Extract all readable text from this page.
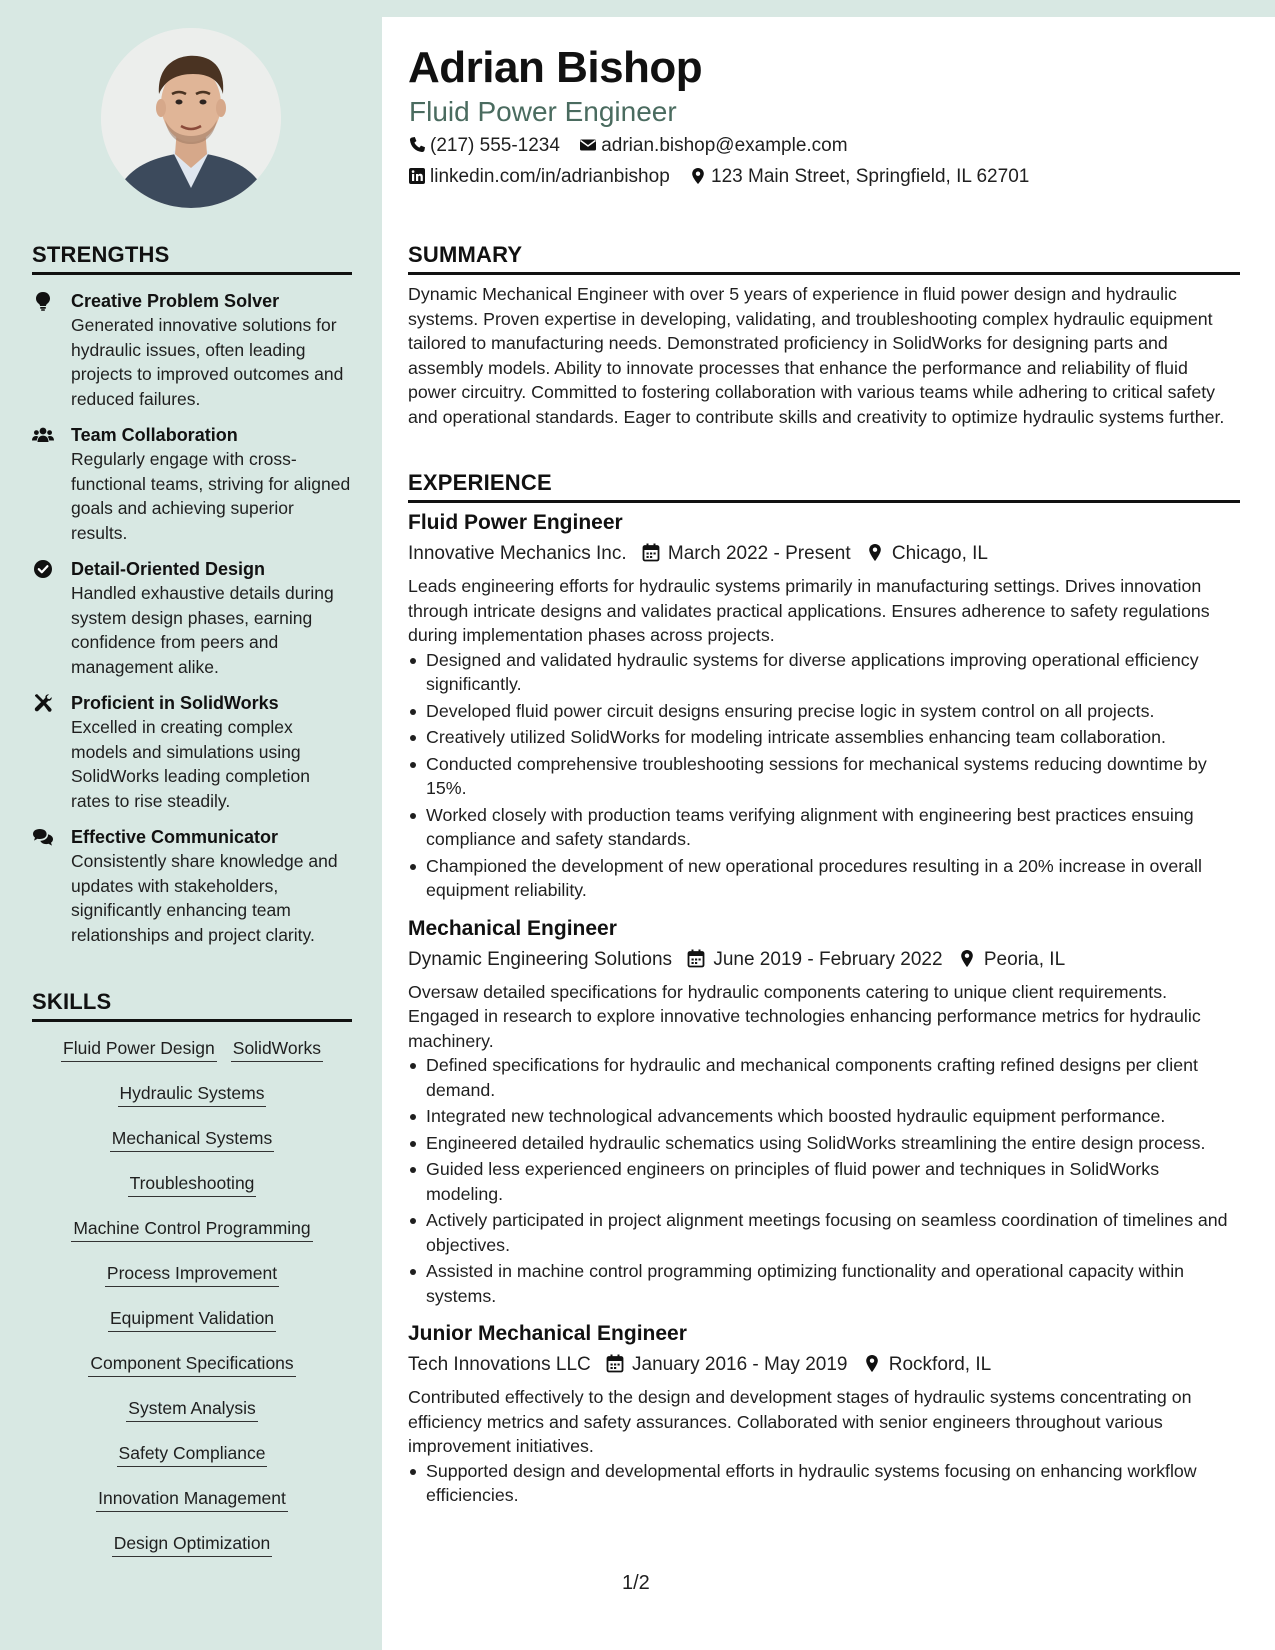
STRENGTHS
Creative Problem Solver
Generated innovative solutions for hydraulic issues, often leading projects to improved outcomes and reduced failures.
Team Collaboration
Regularly engage with cross-functional teams, striving for aligned goals and achieving superior results.
Detail-Oriented Design
Handled exhaustive details during system design phases, earning confidence from peers and management alike.
Proficient in SolidWorks
Excelled in creating complex models and simulations using SolidWorks leading completion rates to rise steadily.
Effective Communicator
Consistently share knowledge and updates with stakeholders, significantly enhancing team relationships and project clarity.
SKILLS
Fluid Power Design SolidWorks
Hydraulic Systems
Mechanical Systems
Troubleshooting
Machine Control Programming
Process Improvement
Equipment Validation
Component Specifications
System Analysis
Safety Compliance
Innovation Management
Design Optimization
Adrian Bishop
Fluid Power Engineer
(217) 555-1234 adrian.bishop@example.com
linkedin.com/in/adrianbishop 123 Main Street, Springfield, IL 62701
SUMMARY

Dynamic Mechanical Engineer with over 5 years of experience in fluid power design and hydraulic systems. Proven expertise in developing, validating, and troubleshooting complex hydraulic equipment tailored to manufacturing needs. Demonstrated proficiency in SolidWorks for designing parts and assembly models. Ability to innovate processes that enhance the performance and reliability of fluid power circuitry. Committed to fostering collaboration with various teams while adhering to critical safety and operational standards. Eager to contribute skills and creativity to optimize hydraulic systems further.

EXPERIENCE
Fluid Power Engineer
Innovative Mechanics Inc. March 2022 - Present Chicago, IL

Leads engineering efforts for hydraulic systems primarily in manufacturing settings. Drives innovation through intricate designs and validates practical applications. Ensures adherence to safety regulations during implementation phases across projects.

Designed and validated hydraulic systems for diverse applications improving operational efficiency significantly.
Developed fluid power circuit designs ensuring precise logic in system control on all projects.
Creatively utilized SolidWorks for modeling intricate assemblies enhancing team collaboration.
Conducted comprehensive troubleshooting sessions for mechanical systems reducing downtime by 15%.
Worked closely with production teams verifying alignment with engineering best practices ensuing compliance and safety standards.
Championed the development of new operational procedures resulting in a 20% increase in overall equipment reliability.
Mechanical Engineer
Dynamic Engineering Solutions June 2019 - February 2022 Peoria, IL

Oversaw detailed specifications for hydraulic components catering to unique client requirements. Engaged in research to explore innovative technologies enhancing performance metrics for hydraulic machinery.

Defined specifications for hydraulic and mechanical components crafting refined designs per client demand.
Integrated new technological advancements which boosted hydraulic equipment performance.
Engineered detailed hydraulic schematics using SolidWorks streamlining the entire design process.
Guided less experienced engineers on principles of fluid power and techniques in SolidWorks modeling.
Actively participated in project alignment meetings focusing on seamless coordination of timelines and objectives.
Assisted in machine control programming optimizing functionality and operational capacity within systems.
Junior Mechanical Engineer
Tech Innovations LLC January 2016 - May 2019 Rockford, IL

Contributed effectively to the design and development stages of hydraulic systems concentrating on efficiency metrics and safety assurances. Collaborated with senior engineers throughout various improvement initiatives.

Supported design and developmental efforts in hydraulic systems focusing on enhancing workflow efficiencies.
1/2
